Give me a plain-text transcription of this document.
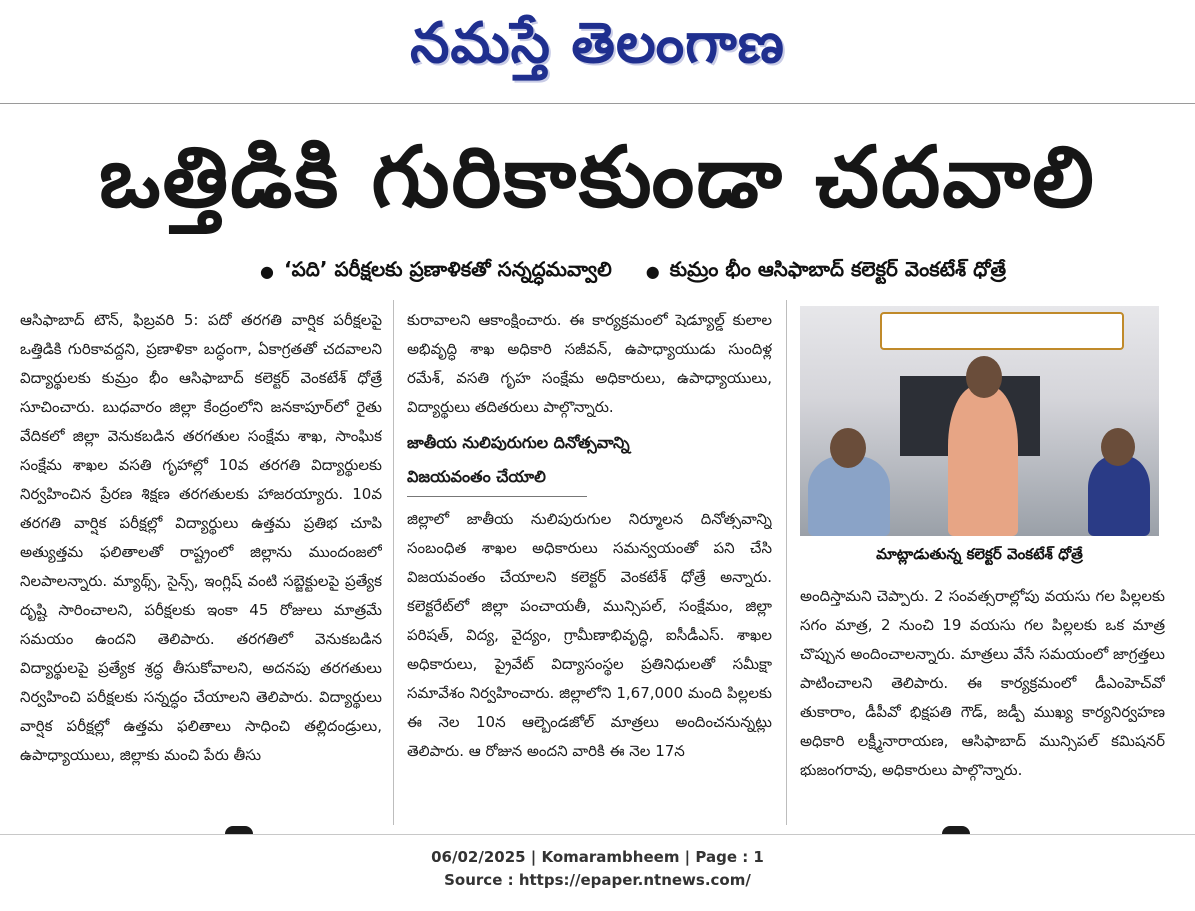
నమస్తే తెలంగాణ
ఒత్తిడికి గురికాకుండా చదవాలి
● ‘పది’ పరీక్షలకు ప్రణాళికతో సన్నద్ధమవ్వాలి ● కుమ్రం భీం ఆసిఫాబాద్ కలెక్టర్ వెంకటేశ్ ధోత్రే

ఆసిఫాబాద్ టౌన్, ఫిబ్రవరి 5: పదో తరగతి వార్షిక పరీక్షలపై ఒత్తిడికి గురికావద్దని, ప్రణాళికా బద్ధంగా, ఏకాగ్రతతో చదవాలని విద్యార్థులకు కుమ్రం భీం ఆసిఫాబాద్ కలెక్టర్ వెంకటేశ్ ధోత్రే సూచించారు. బుధవారం జిల్లా కేంద్రంలోని జనకాపూర్‌లో రైతు వేదికలో జిల్లా వెనుకబడిన తరగతుల సంక్షేమ శాఖ, సాంఘిక సంక్షేమ శాఖల వసతి గృహాల్లో 10వ తరగతి విద్యార్థులకు నిర్వహించిన ప్రేరణ శిక్షణ తరగతులకు హాజరయ్యారు. 10వ తరగతి వార్షిక పరీక్షల్లో విద్యార్థులు ఉత్తమ ప్రతిభ చూపి అత్యుత్తమ ఫలితాలతో రాష్ట్రంలో జిల్లాను ముందంజలో నిలపాలన్నారు. మ్యాథ్స్, సైన్స్, ఇంగ్లిష్ వంటి సబ్జెక్టులపై ప్రత్యేక దృష్టి సారించాలని, పరీక్షలకు ఇంకా 45 రోజులు మాత్రమే సమయం ఉందని తెలిపారు. తరగతిలో వెనుకబడిన విద్యార్థులపై ప్రత్యేక శ్రద్ధ తీసుకోవాలని, అదనపు తరగతులు నిర్వహించి పరీక్షలకు సన్నద్ధం చేయాలని తెలిపారు. విద్యార్థులు వార్షిక పరీక్షల్లో ఉత్తమ ఫలితాలు సాధించి తల్లిదండ్రులు, ఉపాధ్యాయులు, జిల్లాకు మంచి పేరు తీసు

కురావాలని ఆకాంక్షించారు. ఈ కార్యక్రమంలో షెడ్యూల్డ్ కులాల అభివృద్ధి శాఖ అధికారి సజీవన్, ఉపాధ్యాయుడు సుందిళ్ల రమేశ్, వసతి గృహ సంక్షేమ అధికారులు, ఉపాధ్యాయులు, విద్యార్థులు తదితరులు పాల్గొన్నారు.

జాతీయ నులిపురుగుల దినోత్సవాన్ని
విజయవంతం చేయాలి

జిల్లాలో జాతీయ నులిపురుగుల నిర్మూలన దినోత్సవాన్ని సంబంధిత శాఖల అధికారులు సమన్వయంతో పని చేసి విజయవంతం చేయాలని కలెక్టర్ వెంకటేశ్ ధోత్రే అన్నారు. కలెక్టరేట్‌లో జిల్లా పంచాయతీ, మున్సిపల్, సంక్షేమం, జిల్లా పరిషత్, విద్య, వైద్యం, గ్రామీణాభివృద్ధి, ఐసీడీఎస్. శాఖల అధికారులు, ప్రైవేట్ విద్యాసంస్థల ప్రతినిధులతో సమీక్షా సమావేశం నిర్వహించారు. జిల్లాలోని 1,67,000 మంది పిల్లలకు ఈ నెల 10న ఆల్బెండజోల్ మాత్రలు అందించనున్నట్లు తెలిపారు. ఆ రోజున అందని వారికి ఈ నెల 17న

మాట్లాడుతున్న కలెక్టర్ వెంకటేశ్ ధోత్రే

అందిస్తామని చెప్పారు. 2 సంవత్సరాల్లోపు వయసు గల పిల్లలకు సగం మాత్ర, 2 నుంచి 19 వయసు గల పిల్లలకు ఒక మాత్ర చొప్పున అందించాలన్నారు. మాత్రలు వేసే సమయంలో జాగ్రత్తలు పాటించాలని తెలిపారు. ఈ కార్యక్రమంలో డీఎంహెచ్‌వో తుకారాం, డీపీవో భిక్షపతి గౌడ్, జడ్పీ ముఖ్య కార్యనిర్వహణ అధికారి లక్ష్మీనారాయణ, ఆసిఫాబాద్ మున్సిపల్ కమిషనర్ భుజంగరావు, అధికారులు పాల్గొన్నారు.

06/02/2025 | Komarambheem | Page : 1
Source : https://epaper.ntnews.com/
